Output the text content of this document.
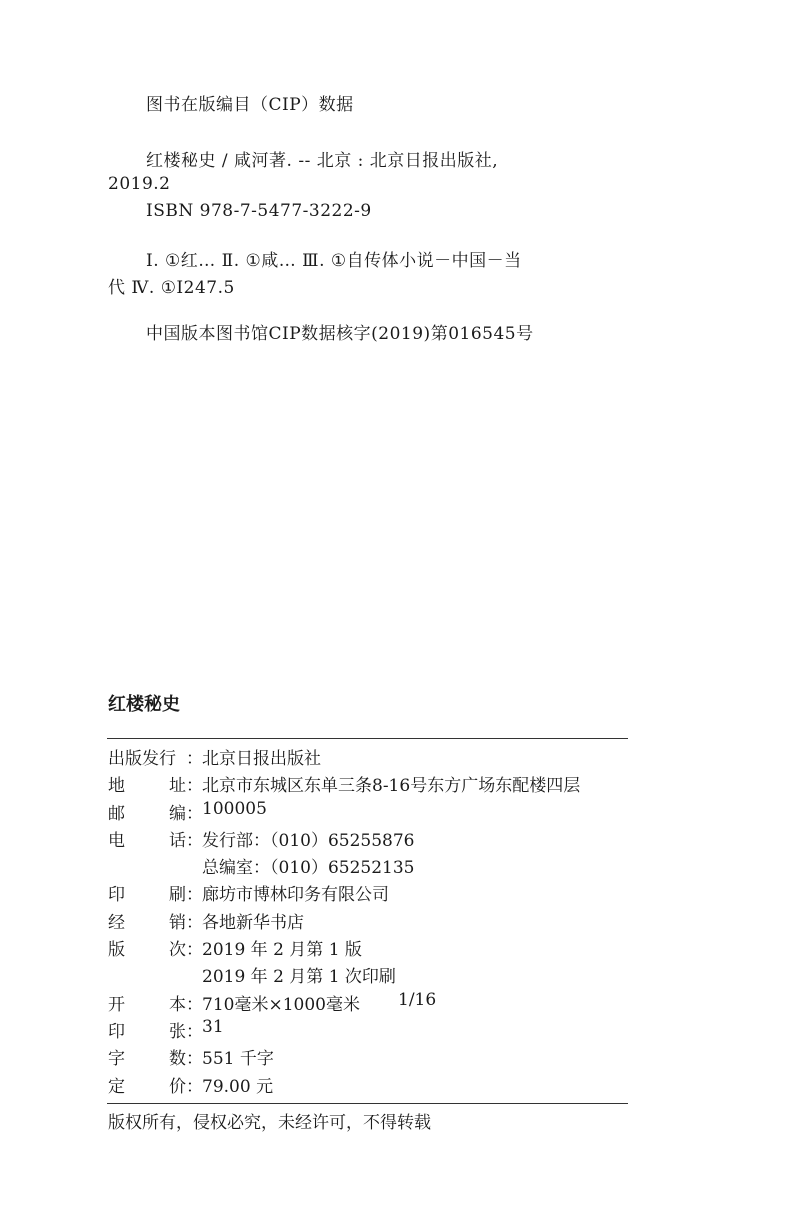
图书在版编目（CIP）数据
红楼秘史 / 咸河著. -- 北京 : 北京日报出版社,
2019.2
ISBN 978-7-5477-3222-9
Ⅰ. ①红… Ⅱ. ①咸… Ⅲ. ①自传体小说－中国－当
代 Ⅳ. ①I247.5
中国版本图书馆CIP数据核字(2019)第016545号
红楼秘史
出版发行 ： 北京日报出版社
地	址 ： 北京市东城区东单三条8-16号东方广场东配楼四层
邮	编 ： 100005
电	话 ： 发行部：（010）65255876
总编室：（010）65252135
印	刷 ： 廊坊市博林印务有限公司
经	销 ： 各地新华书店
版	次 ： 2019 年 2 月第 1 版
2019 年 2 月第 1 次印刷
开	本 ： 710毫米×1000毫米 1/16
印	张 ： 31
字	数 ： 551 千字
定	价 ： 79.00 元
版权所有，侵权必究，未经许可，不得转载
